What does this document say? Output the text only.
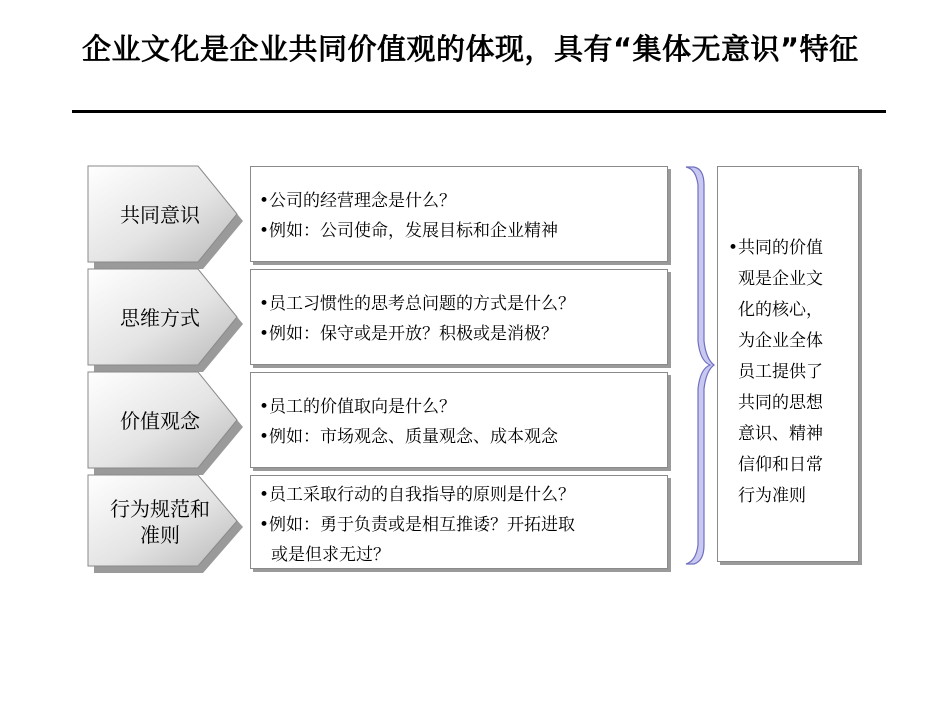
企业文化是企业共同价值观的体现，具有“集体无意识”特征
共同意识
思维方式
价值观念
行为规范和
准则
•公司的经营理念是什么？
•例如：公司使命，发展目标和企业精神
•员工习惯性的思考总问题的方式是什么？
•例如：保守或是开放？积极或是消极？
•员工的价值取向是什么？
•例如：市场观念、质量观念、成本观念
•员工采取行动的自我指导的原则是什么？
•例如：勇于负责或是相互推诿？开拓进取
或是但求无过？
•共同的价值
观是企业文
化的核心，
为企业全体
员工提供了
共同的思想
意识、精神
信仰和日常
行为准则
